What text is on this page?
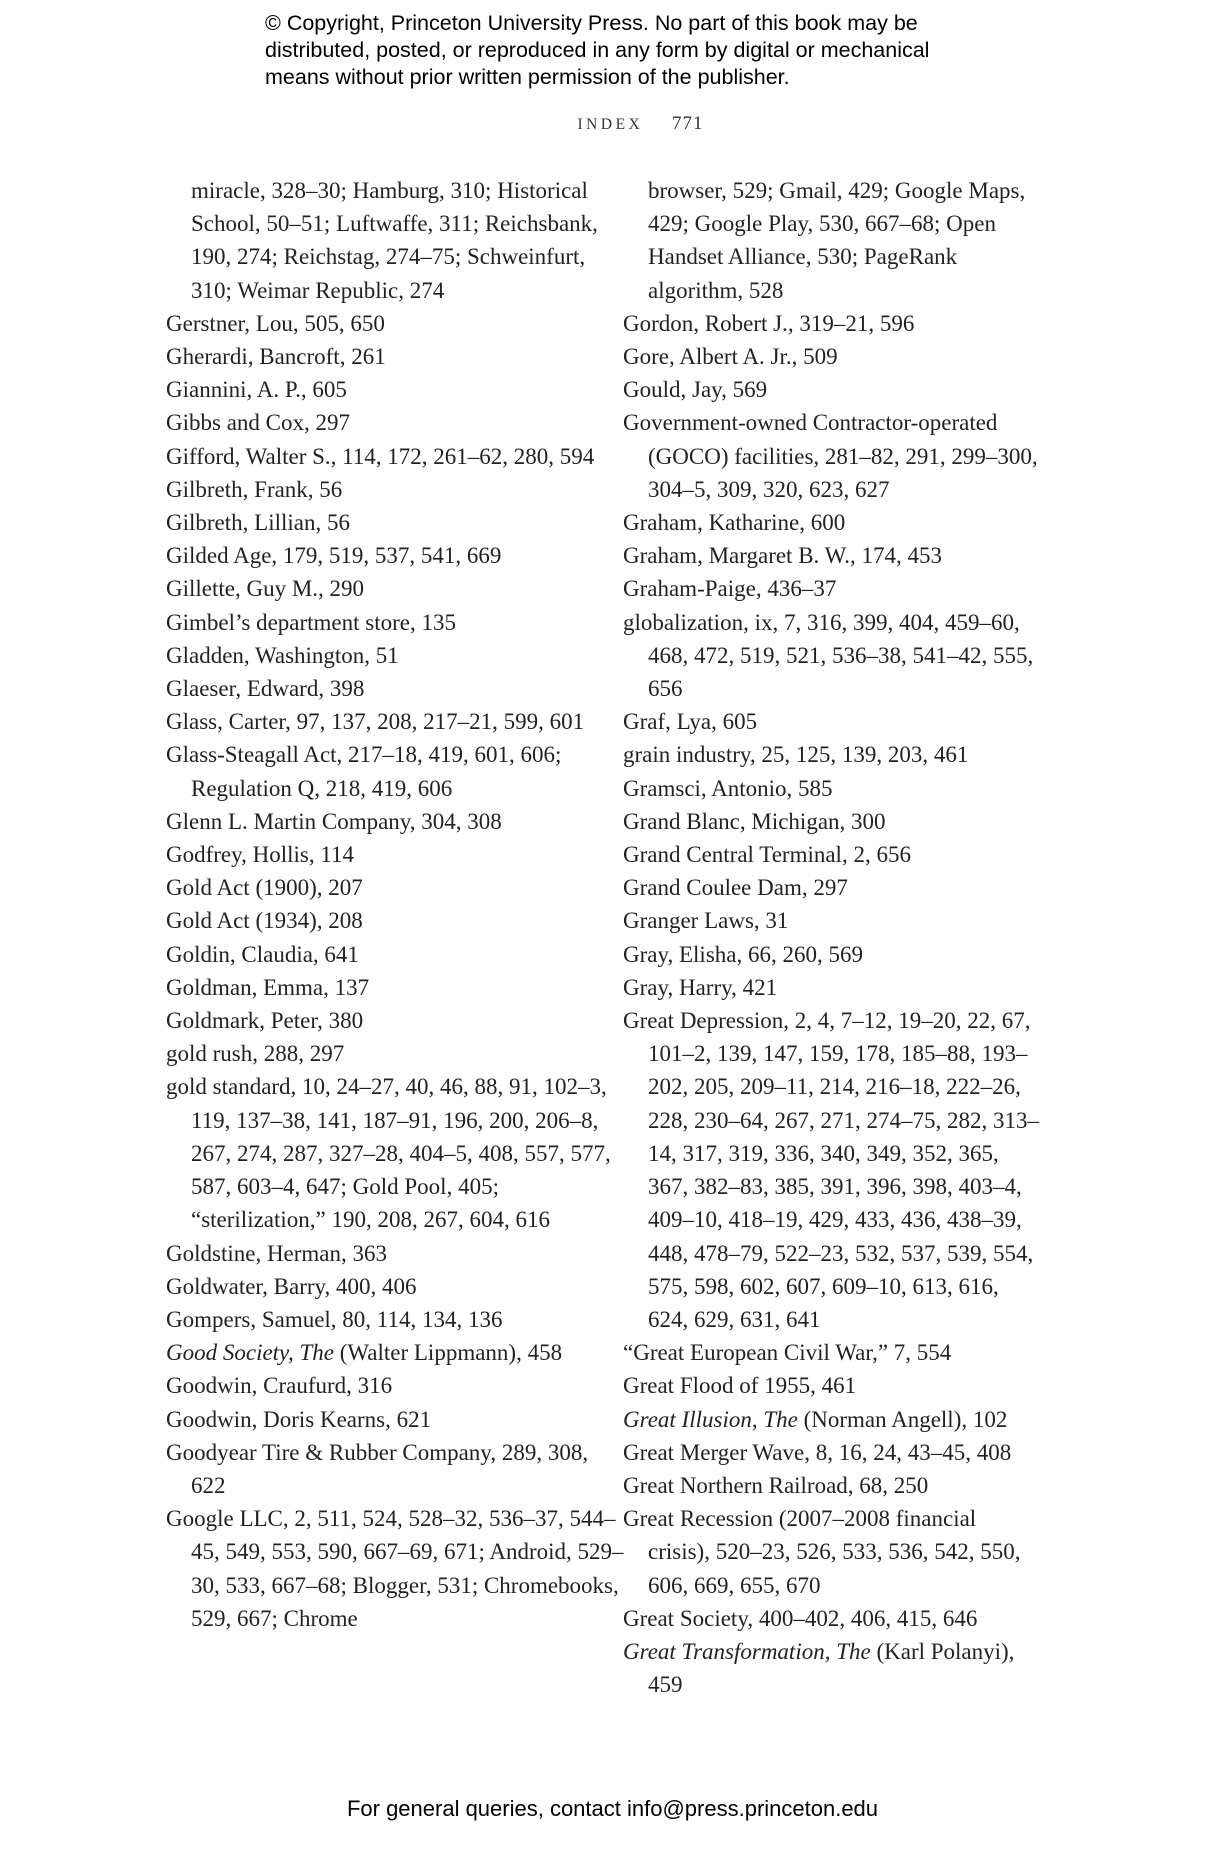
© Copyright, Princeton University Press. No part of this book may be
distributed, posted, or reproduced in any form by digital or mechanical
means without prior written permission of the publisher.
INDEX 771
miracle, 328–30; Hamburg, 310; Historical School, 50–51; Luftwaffe, 311; Reichsbank, 190, 274; Reichstag, 274–75; Schweinfurt, 310; Weimar Republic, 274
Gerstner, Lou, 505, 650
Gherardi, Bancroft, 261
Giannini, A. P., 605
Gibbs and Cox, 297
Gifford, Walter S., 114, 172, 261–62, 280, 594
Gilbreth, Frank, 56
Gilbreth, Lillian, 56
Gilded Age, 179, 519, 537, 541, 669
Gillette, Guy M., 290
Gimbel’s department store, 135
Gladden, Washington, 51
Glaeser, Edward, 398
Glass, Carter, 97, 137, 208, 217–21, 599, 601
Glass-Steagall Act, 217–18, 419, 601, 606; Regulation Q, 218, 419, 606
Glenn L. Martin Company, 304, 308
Godfrey, Hollis, 114
Gold Act (1900), 207
Gold Act (1934), 208
Goldin, Claudia, 641
Goldman, Emma, 137
Goldmark, Peter, 380
gold rush, 288, 297
gold standard, 10, 24–27, 40, 46, 88, 91, 102–3, 119, 137–38, 141, 187–91, 196, 200, 206–8, 267, 274, 287, 327–28, 404–5, 408, 557, 577, 587, 603–4, 647; Gold Pool, 405; “sterilization,” 190, 208, 267, 604, 616
Goldstine, Herman, 363
Goldwater, Barry, 400, 406
Gompers, Samuel, 80, 114, 134, 136
Good Society, The (Walter Lippmann), 458
Goodwin, Craufurd, 316
Goodwin, Doris Kearns, 621
Goodyear Tire & Rubber Company, 289, 308, 622
Google LLC, 2, 511, 524, 528–32, 536–37, 544–45, 549, 553, 590, 667–69, 671; Android, 529–30, 533, 667–68; Blogger, 531; Chromebooks, 529, 667; Chrome
browser, 529; Gmail, 429; Google Maps, 429; Google Play, 530, 667–68; Open Handset Alliance, 530; PageRank algorithm, 528
Gordon, Robert J., 319–21, 596
Gore, Albert A. Jr., 509
Gould, Jay, 569
Government-owned Contractor-operated (GOCO) facilities, 281–82, 291, 299–300, 304–5, 309, 320, 623, 627
Graham, Katharine, 600
Graham, Margaret B. W., 174, 453
Graham-Paige, 436–37
globalization, ix, 7, 316, 399, 404, 459–60, 468, 472, 519, 521, 536–38, 541–42, 555, 656
Graf, Lya, 605
grain industry, 25, 125, 139, 203, 461
Gramsci, Antonio, 585
Grand Blanc, Michigan, 300
Grand Central Terminal, 2, 656
Grand Coulee Dam, 297
Granger Laws, 31
Gray, Elisha, 66, 260, 569
Gray, Harry, 421
Great Depression, 2, 4, 7–12, 19–20, 22, 67, 101–2, 139, 147, 159, 178, 185–88, 193–202, 205, 209–11, 214, 216–18, 222–26, 228, 230–64, 267, 271, 274–75, 282, 313–14, 317, 319, 336, 340, 349, 352, 365, 367, 382–83, 385, 391, 396, 398, 403–4, 409–10, 418–19, 429, 433, 436, 438–39, 448, 478–79, 522–23, 532, 537, 539, 554, 575, 598, 602, 607, 609–10, 613, 616, 624, 629, 631, 641
“Great European Civil War,” 7, 554
Great Flood of 1955, 461
Great Illusion, The (Norman Angell), 102
Great Merger Wave, 8, 16, 24, 43–45, 408
Great Northern Railroad, 68, 250
Great Recession (2007–2008 financial crisis), 520–23, 526, 533, 536, 542, 550, 606, 669, 655, 670
Great Society, 400–402, 406, 415, 646
Great Transformation, The (Karl Polanyi), 459
For general queries, contact info@press.princeton.edu
